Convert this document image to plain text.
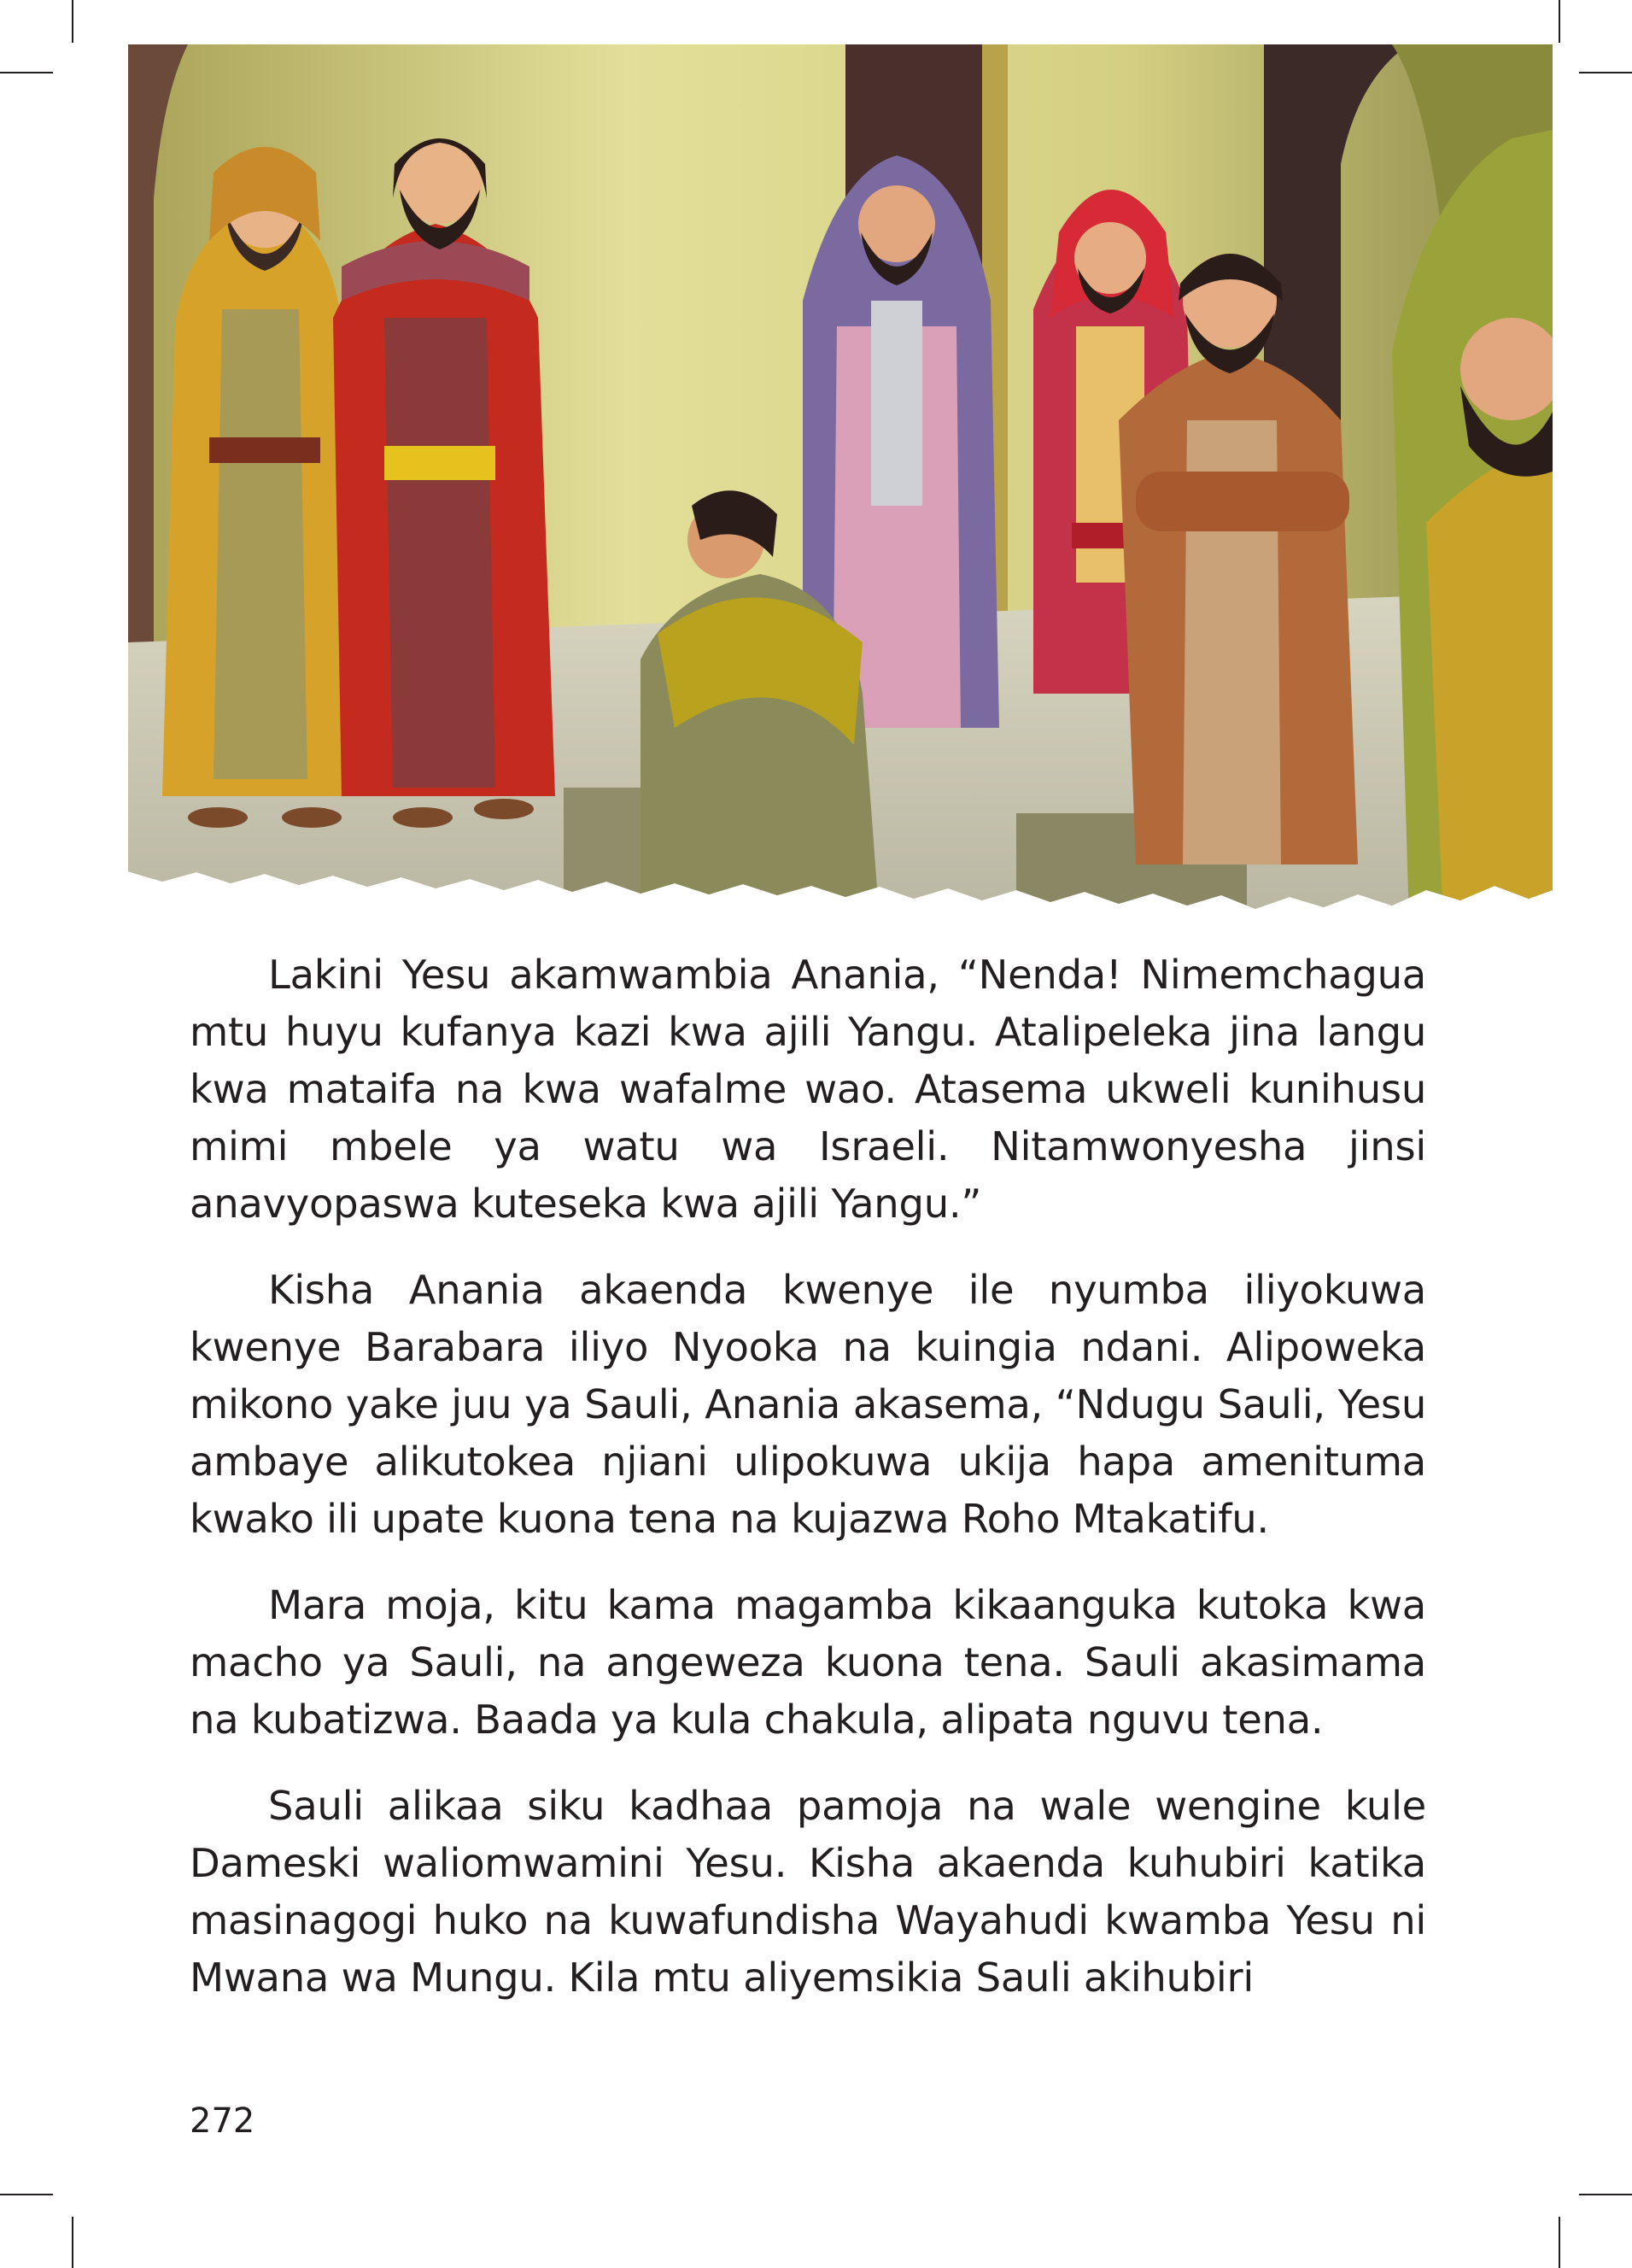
Lakini Yesu akamwambia Anania, “Nenda! Nimemchagua mtu huyu kufanya kazi kwa ajili Yangu. Atalipeleka jina langu kwa mataifa na kwa wafalme wao. Atasema ukweli kunihusu mimi mbele ya watu wa Israeli. Nitamwonyesha jinsi anavyopaswa kuteseka kwa ajili Yangu.”

Kisha Anania akaenda kwenye ile nyumba iliyokuwa kwenye Barabara iliyo Nyooka na kuingia ndani. Alipoweka mikono yake juu ya Sauli, Anania akasema, “Ndugu Sauli, Yesu ambaye alikutokea njiani ulipokuwa ukija hapa amenituma kwako ili upate kuona tena na kujazwa Roho Mtakatifu.

Mara moja, kitu kama magamba kikaanguka kutoka kwa macho ya Sauli, na angeweza kuona tena. Sauli akasimama na kubatizwa. Baada ya kula chakula, alipata nguvu tena.

Sauli alikaa siku kadhaa pamoja na wale wengine kule Dameski waliomwamini Yesu. Kisha akaenda kuhubiri katika masinagogi huko na kuwafundisha Wayahudi kwamba Yesu ni Mwana wa Mungu. Kila mtu aliyemsikia Sauli akihubiri

272
